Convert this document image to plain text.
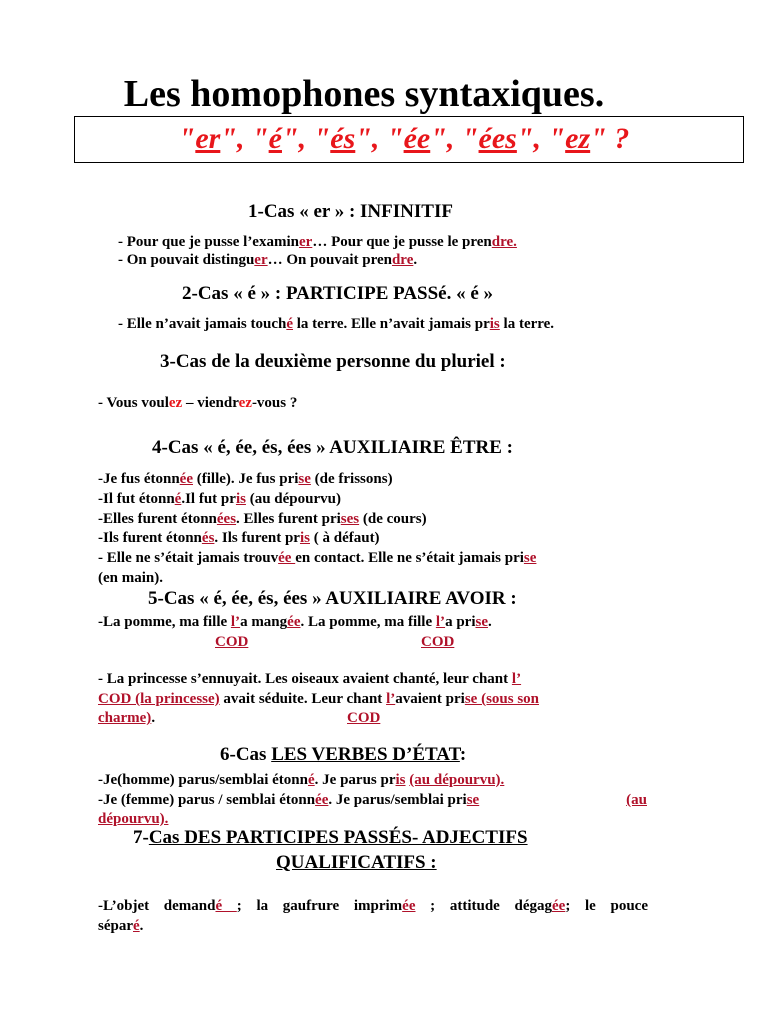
Les homophones syntaxiques.
"er", "é", "és", "ée", "ées", "ez" ?
1-Cas « er » : INFINITIF
- Pour que je pusse l’examiner… Pour que je pusse le prendre.
- On pouvait distinguer… On pouvait prendre.
2-Cas « é » : PARTICIPE PASSé. « é »
- Elle n’avait jamais touché la terre. Elle n’avait jamais pris la terre.
3-Cas de la deuxième personne du pluriel :
- Vous voulez – viendrez-vous ?
4-Cas « é, ée, és, ées » AUXILIAIRE ÊTRE :
-Je fus étonnée (fille). Je fus prise (de frissons)
-Il fut étonné.Il fut pris (au dépourvu)
-Elles furent étonnées. Elles furent prises (de cours)
-Ils furent étonnés. Ils furent pris ( à défaut)
- Elle ne s’était jamais trouvée en contact. Elle ne s’était jamais prise
(en main).
5-Cas « é, ée, és, ées » AUXILIAIRE AVOIR :
-La pomme, ma fille l’a mangée. La pomme, ma fille l’a prise.
COD	COD
- La princesse s’ennuyait. Les oiseaux avaient chanté, leur chant l’
COD (la princesse) avait séduite. Leur chant l’avaient prise (sous son
charme).	COD
6-Cas LES VERBES D’ÉTAT:
-Je(homme) parus/semblai étonné. Je parus pris (au dépourvu).
-Je (femme) parus / semblai étonnée. Je parus/semblai prise	(au
dépourvu).
7-Cas DES PARTICIPES PASSÉS- ADJECTIFS
QUALIFICATIFS :
-L’objet demandé ; la gaufrure imprimée ; attitude dégagée; le pouce
séparé.
